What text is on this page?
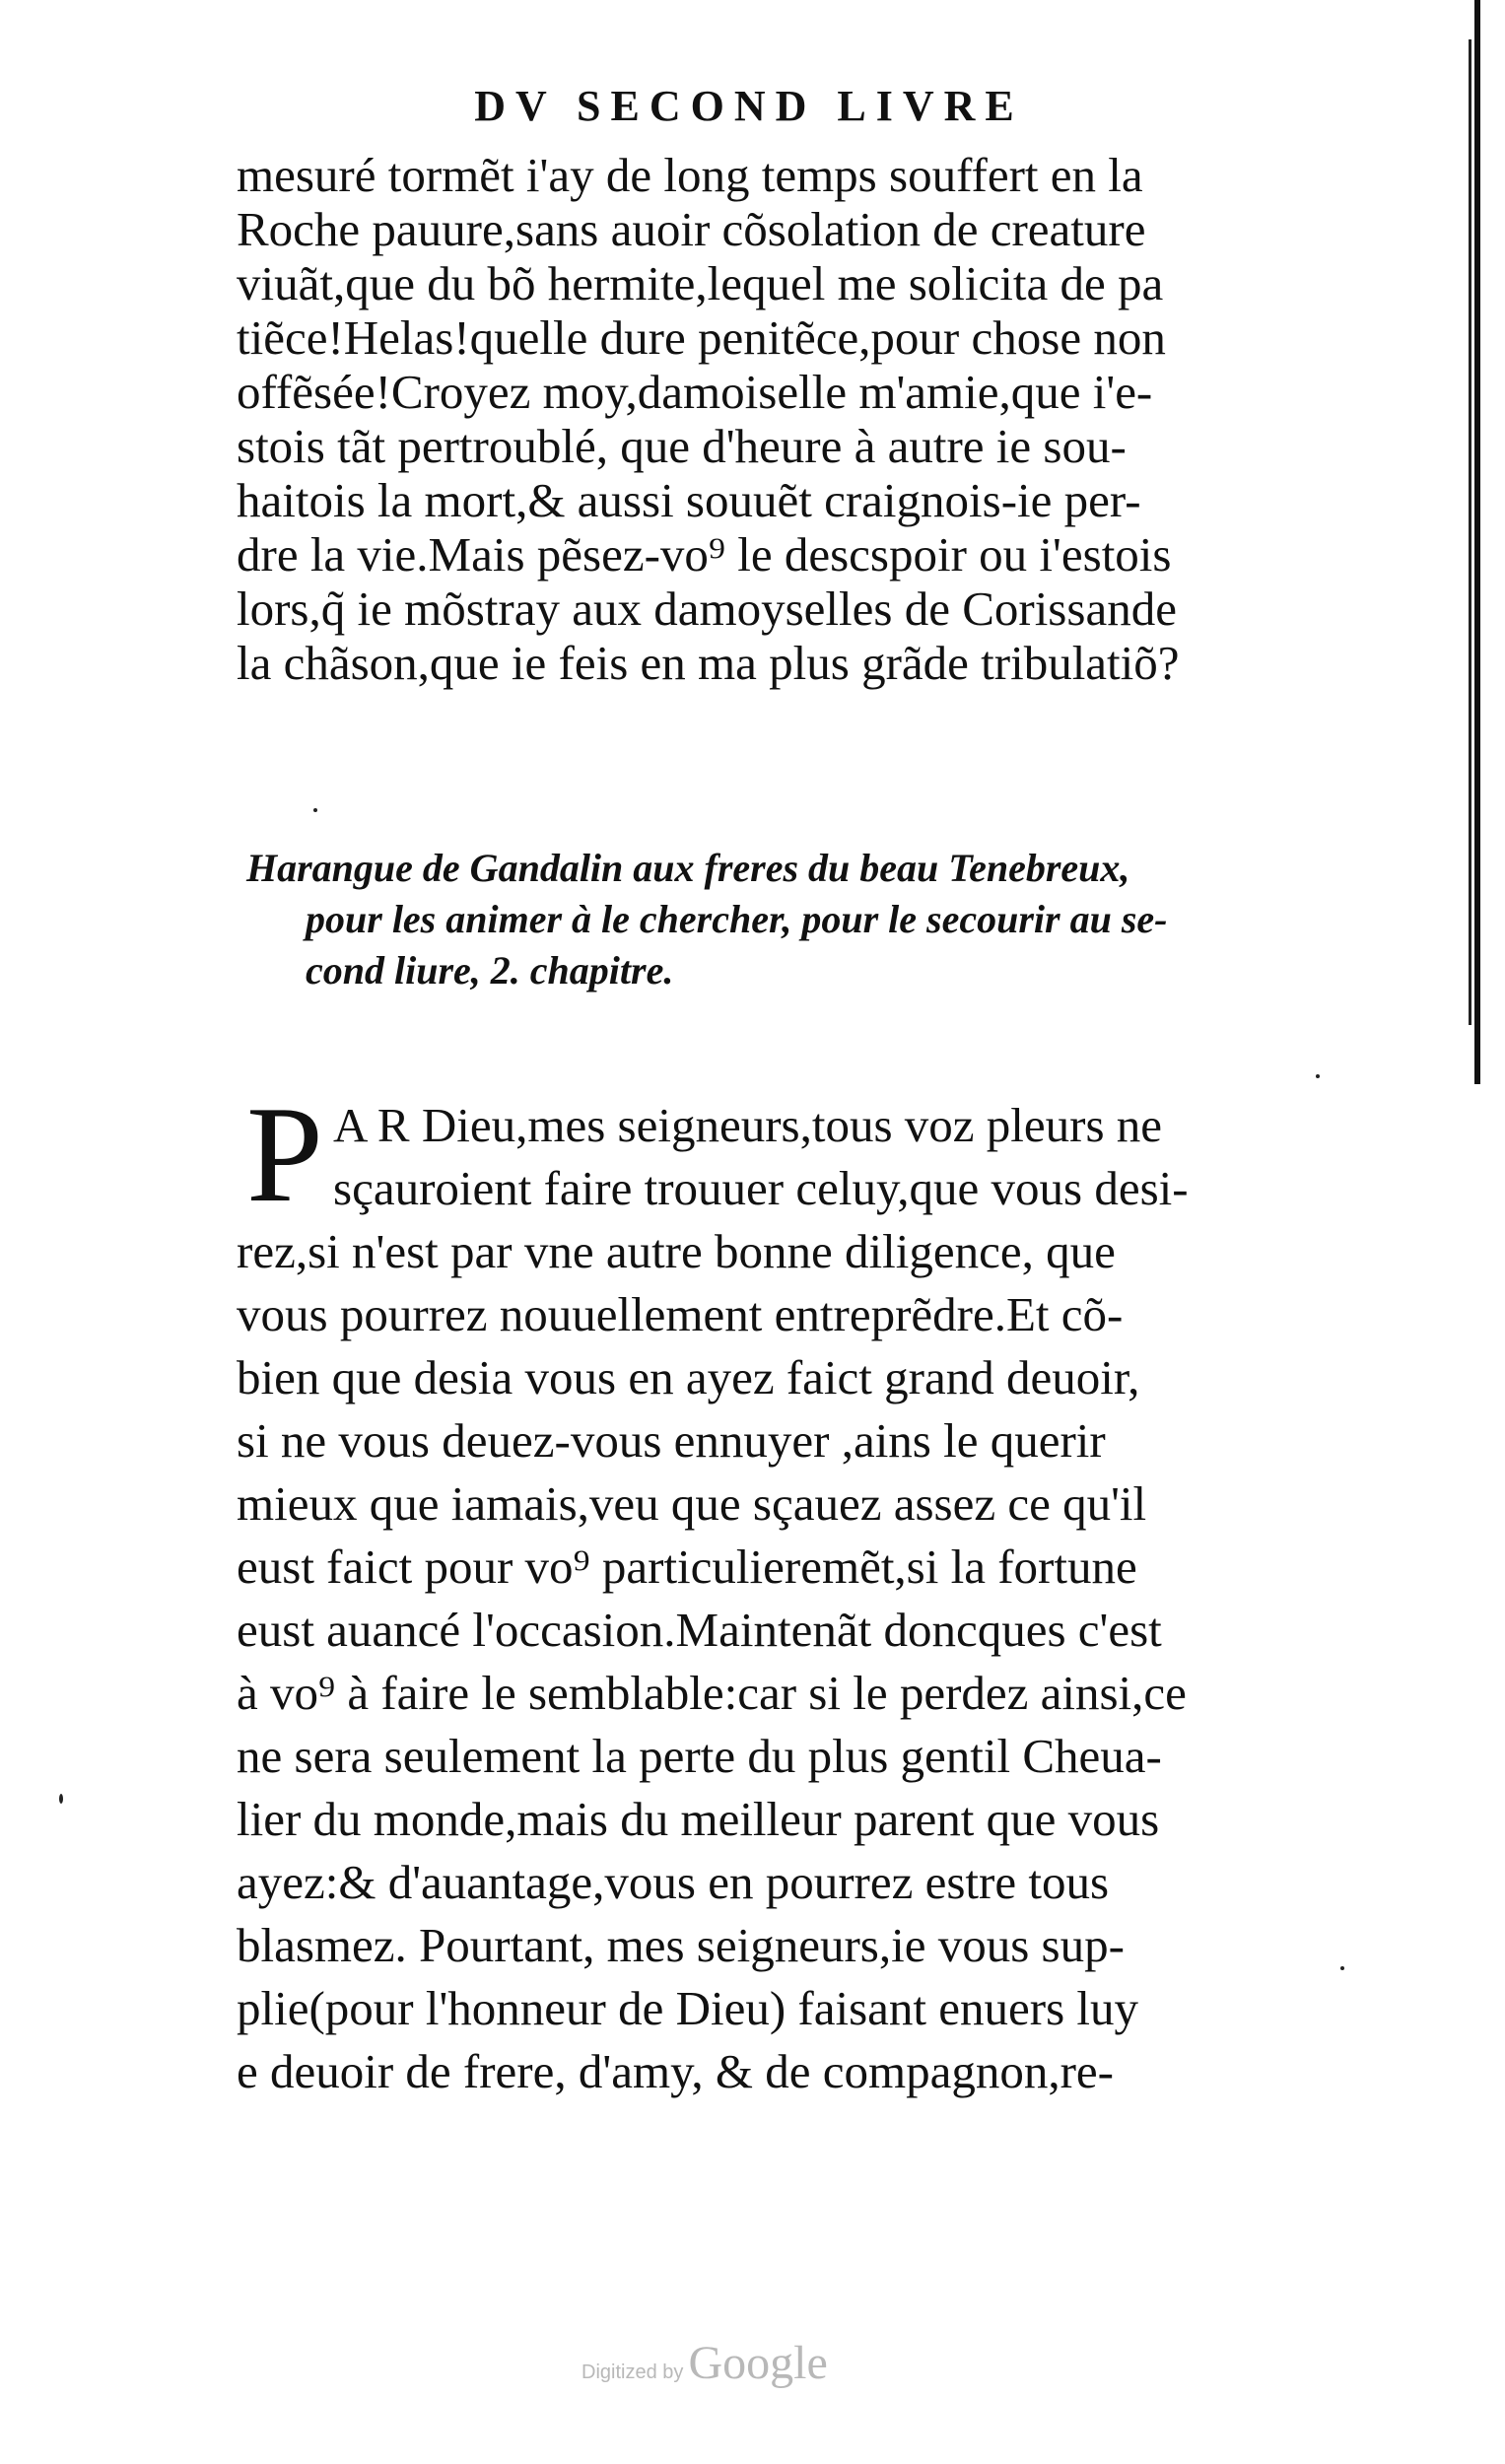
DV SECOND LIVRE
mesuré tormẽt i'ay de long temps souffert en la
Roche pauure,sans auoir cõsolation de creature
viuãt,que du bõ hermite,lequel me solicita de pa
tiẽce!Helas!quelle dure penitẽce,pour chose non
offẽsée!Croyez moy,damoiselle m'amie,que i'e-
stois tãt pertroublé, que d'heure à autre ie sou-
haitois la mort,& aussi souuẽt craignois-ie per-
dre la vie.Mais pẽsez-vo⁹ le descspoir ou i'estois
lors,q̃ ie mõstray aux damoyselles de Corissande
la chãson,que ie feis en ma plus grãde tribulatiõ?
Harangue de Gandalin aux freres du beau Tenebreux,
pour les animer à le chercher, pour le secourir au se-
cond liure, 2. chapitre.
P A R Dieu,mes seigneurs,tous voz pleurs ne
sçauroient faire trouuer celuy,que vous desi-
rez,si n'est par vne autre bonne diligence, que
vous pourrez nouuellement entreprẽdre.Et cõ-
bien que desia vous en ayez faict grand deuoir,
si ne vous deuez-vous ennuyer ,ains le querir
mieux que iamais,veu que sçauez assez ce qu'il
eust faict pour vo⁹ particulieremẽt,si la fortune
eust auancé l'occasion.Maintenãt doncques c'est
à vo⁹ à faire le semblable:car si le perdez ainsi,ce
ne sera seulement la perte du plus gentil Cheua-
lier du monde,mais du meilleur parent que vous
ayez:& d'auantage,vous en pourrez estre tous
blasmez. Pourtant, mes seigneurs,ie vous sup-
plie(pour l'honneur de Dieu) faisant enuers luy
e deuoir de frere, d'amy, & de compagnon,re-
Digitized by Google
